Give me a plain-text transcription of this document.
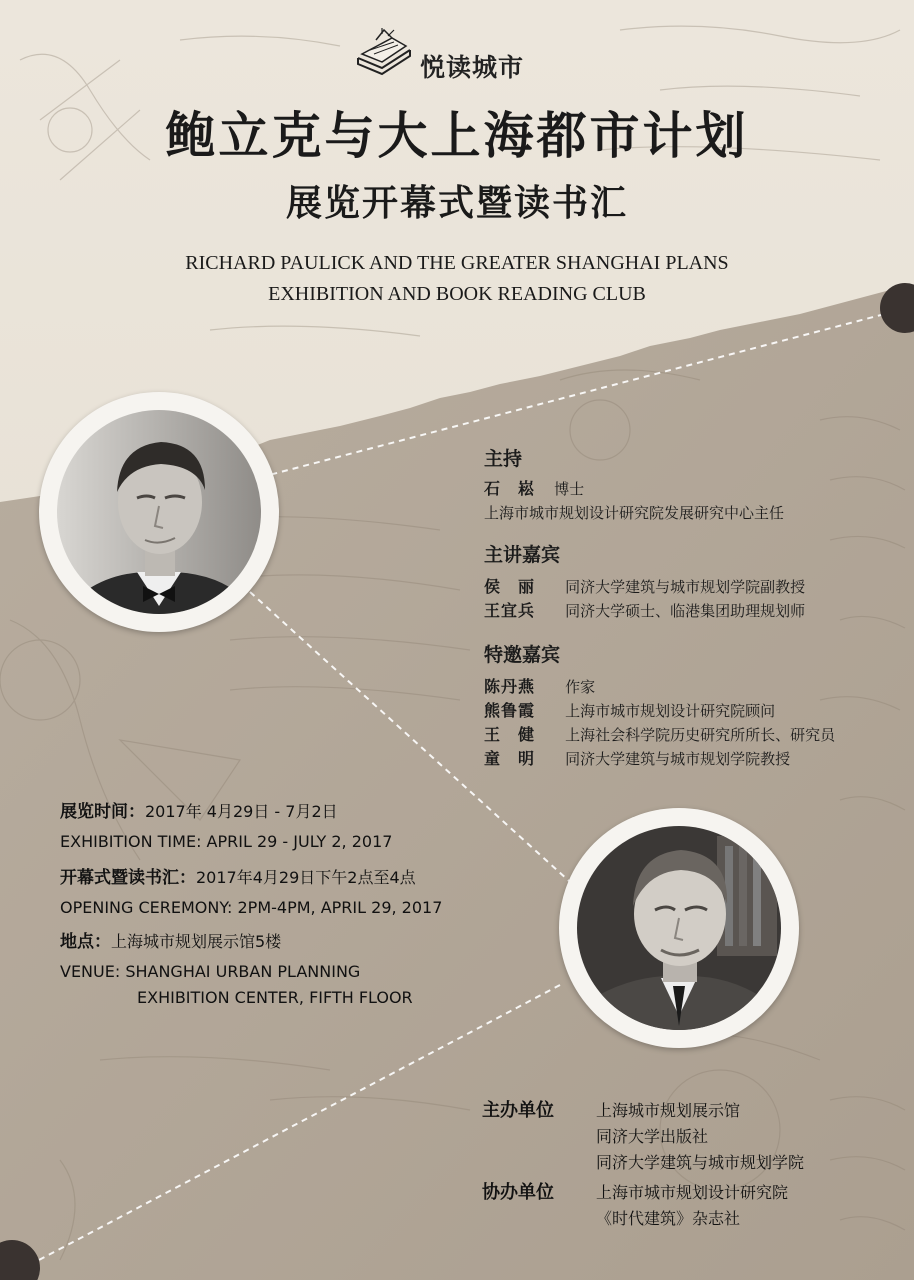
悦读城市
鲍立克与大上海都市计划
展览开幕式暨读书汇
RICHARD PAULICK AND THE GREATER SHANGHAI PLANS
EXHIBITION AND BOOK READING CLUB
主持
石　崧 博士
上海市城市规划设计研究院发展研究中心主任
主讲嘉宾
侯　丽 同济大学建筑与城市规划学院副教授
王宜兵 同济大学硕士、临港集团助理规划师
特邀嘉宾
陈丹燕 作家
熊鲁霞 上海市城市规划设计研究院顾问
王　健 上海社会科学院历史研究所所长、研究员
童　明 同济大学建筑与城市规划学院教授
展览时间：2017年 4月29日 - 7月2日
EXHIBITION TIME: APRIL 29 - JULY 2, 2017
开幕式暨读书汇：2017年4月29日下午2点至4点
OPENING CEREMONY: 2PM-4PM, APRIL 29, 2017
地点：上海城市规划展示馆5楼
VENUE: SHANGHAI URBAN PLANNING
EXHIBITION CENTER, FIFTH FLOOR
主办单位	上海城市规划展示馆
同济大学出版社
同济大学建筑与城市规划学院
协办单位	上海市城市规划设计研究院
《时代建筑》杂志社
